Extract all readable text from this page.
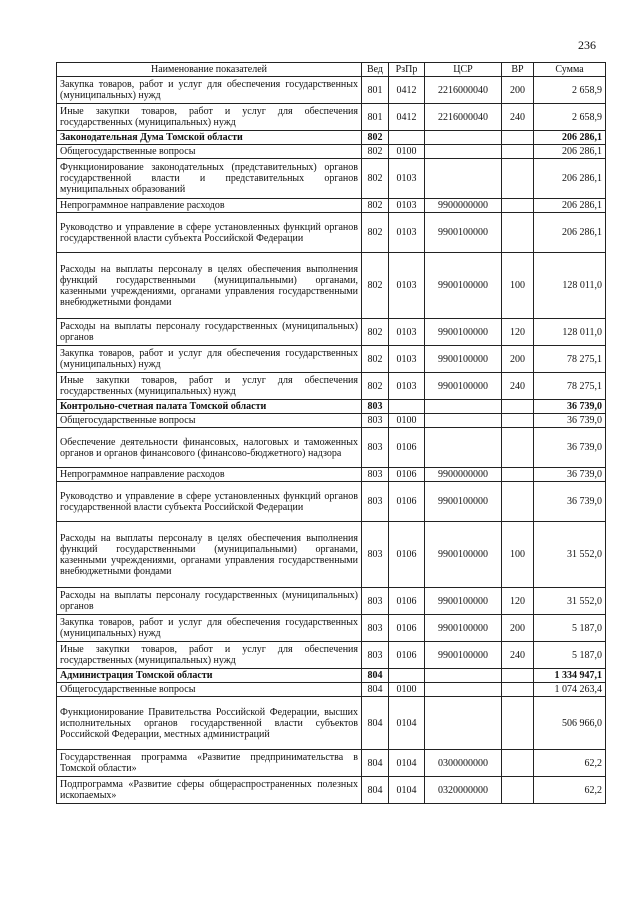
236
Наименование показателей	Вед	РзПр	ЦСР	ВР	Сумма
Закупка товаров, работ и услуг для обеспечения государственных (муниципальных) нужд	801	0412	2216000040	200	2 658,9
Иные закупки товаров, работ и услуг для обеспечения государственных (муниципальных) нужд	801	0412	2216000040	240	2 658,9
Законодательная Дума Томской области	802				206 286,1
Общегосударственные вопросы	802	0100			206 286,1
Функционирование законодательных (представительных) органов государственной власти и представительных органов муниципальных образований	802	0103			206 286,1
Непрограммное направление расходов	802	0103	9900000000		206 286,1
Руководство и управление в сфере установленных функций органов государственной власти субъекта Российской Федерации	802	0103	9900100000		206 286,1
Расходы на выплаты персоналу в целях обеспечения выполнения функций государственными (муниципальными) органами, казенными учреждениями, органами управления государственными внебюджетными фондами	802	0103	9900100000	100	128 011,0
Расходы на выплаты персоналу государственных (муниципальных) органов	802	0103	9900100000	120	128 011,0
Закупка товаров, работ и услуг для обеспечения государственных (муниципальных) нужд	802	0103	9900100000	200	78 275,1
Иные закупки товаров, работ и услуг для обеспечения государственных (муниципальных) нужд	802	0103	9900100000	240	78 275,1
Контрольно-счетная палата Томской области	803				36 739,0
Общегосударственные вопросы	803	0100			36 739,0
Обеспечение деятельности финансовых, налоговых и таможенных органов и органов финансового (финансово-бюджетного) надзора	803	0106			36 739,0
Непрограммное направление расходов	803	0106	9900000000		36 739,0
Руководство и управление в сфере установленных функций органов государственной власти субъекта Российской Федерации	803	0106	9900100000		36 739,0
Расходы на выплаты персоналу в целях обеспечения выполнения функций государственными (муниципальными) органами, казенными учреждениями, органами управления государственными внебюджетными фондами	803	0106	9900100000	100	31 552,0
Расходы на выплаты персоналу государственных (муниципальных) органов	803	0106	9900100000	120	31 552,0
Закупка товаров, работ и услуг для обеспечения государственных (муниципальных) нужд	803	0106	9900100000	200	5 187,0
Иные закупки товаров, работ и услуг для обеспечения государственных (муниципальных) нужд	803	0106	9900100000	240	5 187,0
Администрация Томской области	804				1 334 947,1
Общегосударственные вопросы	804	0100			1 074 263,4
Функционирование Правительства Российской Федерации, высших исполнительных органов государственной власти субъектов Российской Федерации, местных администраций	804	0104			506 966,0
Государственная программа «Развитие предпринимательства в Томской области»	804	0104	0300000000		62,2
Подпрограмма «Развитие сферы общераспространенных полезных ископаемых»	804	0104	0320000000		62,2
